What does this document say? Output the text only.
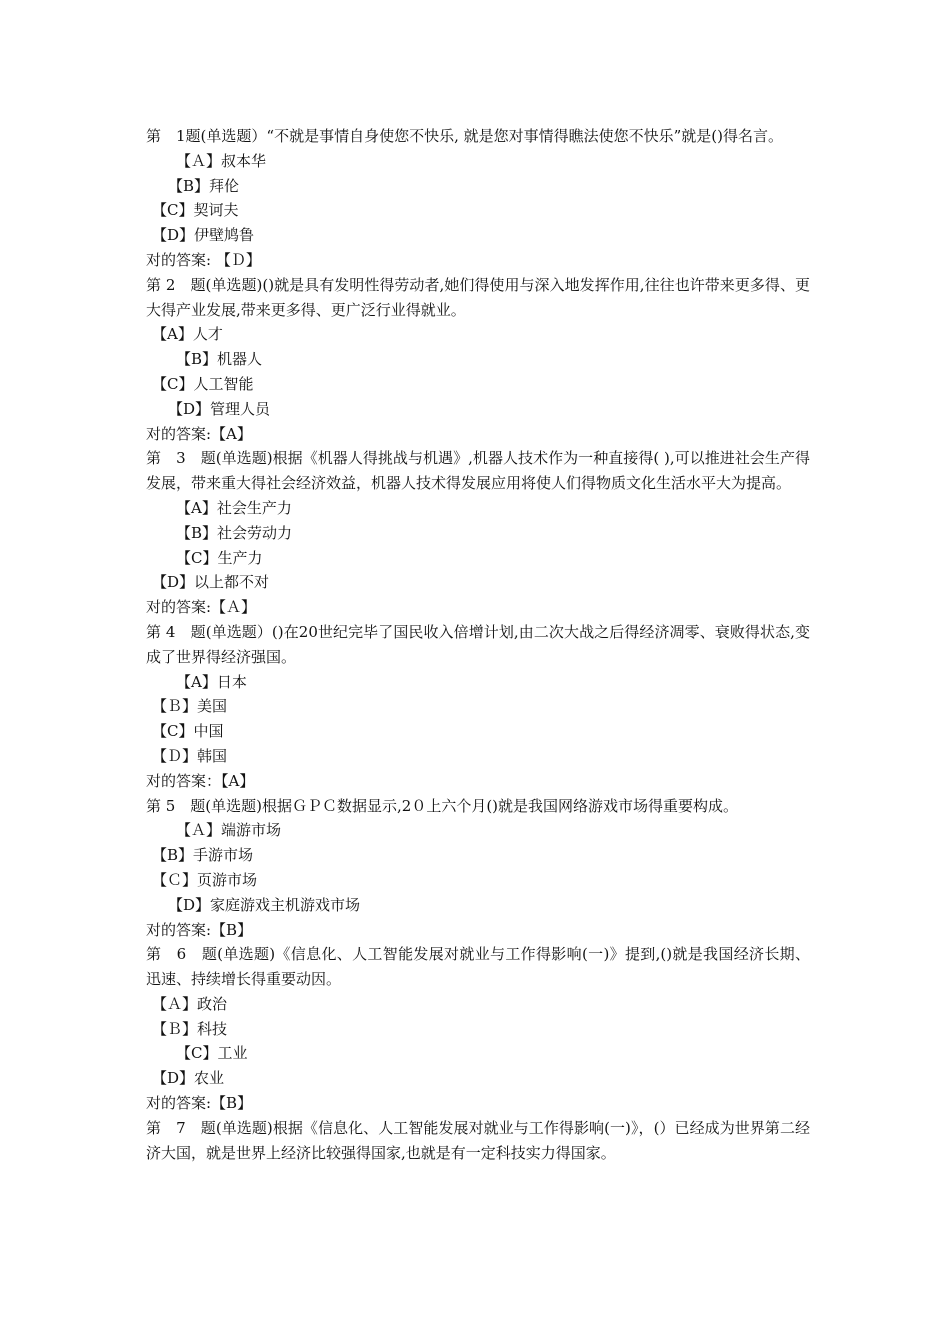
第　1题(单选题）“不就是事情自身使您不快乐, 就是您对事情得瞧法使您不快乐”就是()得名言。

【Ａ】叔本华

【B】拜伦

【C】契诃夫

【D】伊壁鸠鲁

对的答案: 【Ｄ】

第 2　题(单选题)()就是具有发明性得劳动者,她们得使用与深入地发挥作用,往往也许带来更多得、更大得产业发展,带来更多得、更广泛行业得就业。

【A】人才

【B】机器人

【C】人工智能

【D】管理人员

对的答案:【A】

第　3　题(单选题)根据《机器人得挑战与机遇》,机器人技术作为一种直接得( ),可以推进社会生产得发展，带来重大得社会经济效益，机器人技术得发展应用将使人们得物质文化生活水平大为提高。

【A】社会生产力

【B】社会劳动力

【C】生产力

【D】以上都不对

对的答案:【Ａ】

第 4　题(单选题）()在20世纪完毕了国民收入倍增计划,由二次大战之后得经济凋零、衰败得状态,变成了世界得经济强国。

【A】日本

【Ｂ】美国

【C】中国

【Ｄ】韩国

对的答案：【A】

第 5　题(单选题)根据ＧＰＣ数据显示,2０上六个月()就是我国网络游戏市场得重要构成。

【Ａ】端游市场

【B】手游市场

【Ｃ】页游市场

【D】家庭游戏主机游戏市场

对的答案:【B】

第　6　题(单选题)《信息化、人工智能发展对就业与工作得影响(一)》提到,()就是我国经济长期、迅速、持续增长得重要动因。

【Ａ】政治

【Ｂ】科技

【C】工业

【D】农业

对的答案:【B】

第　7　题(单选题)根据《信息化、人工智能发展对就业与工作得影响(一)》，(）已经成为世界第二经济大国，就是世界上经济比较强得国家,也就是有一定科技实力得国家。
